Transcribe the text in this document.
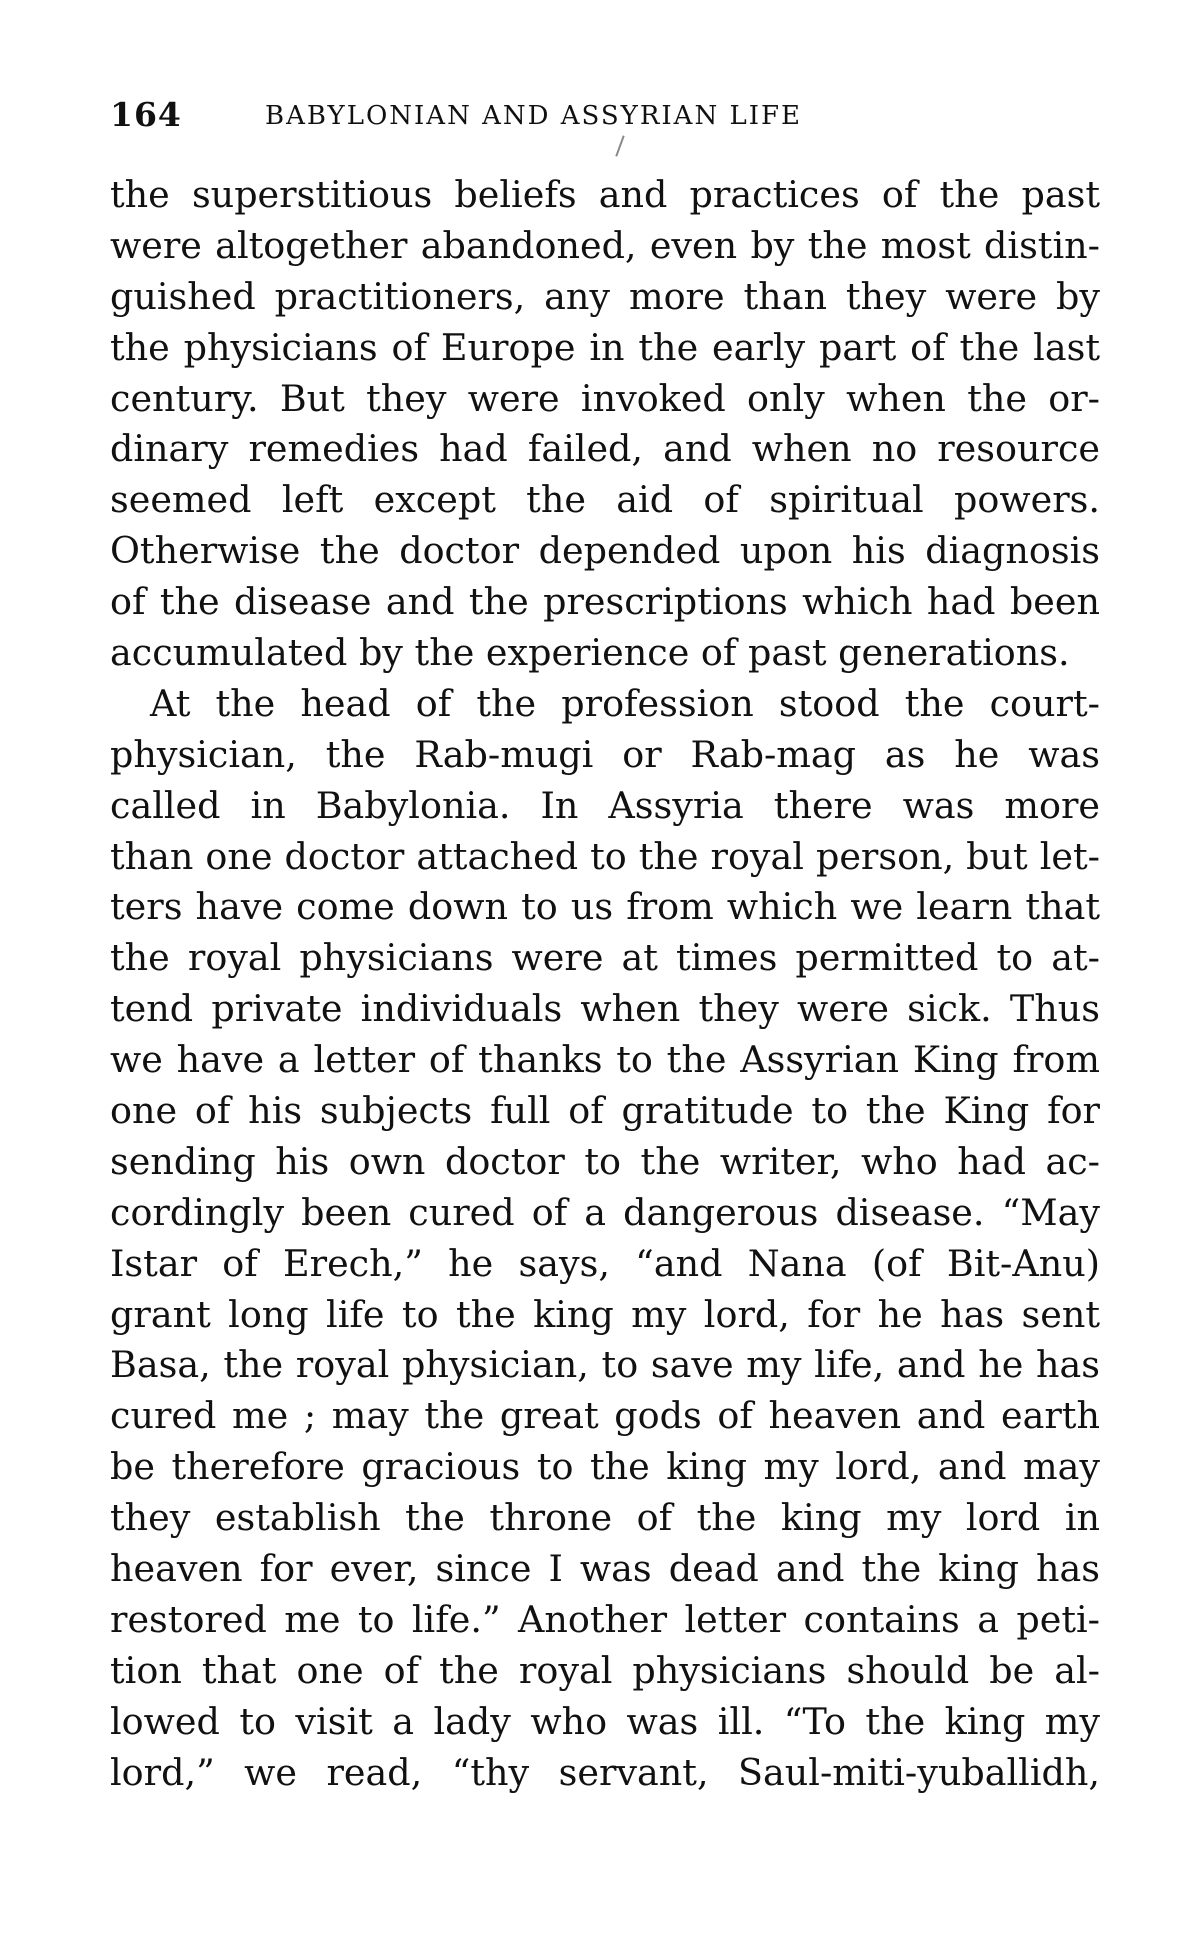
164	BABYLONIAN AND ASSYRIAN LIFE
the superstitious beliefs and practices of the past
were altogether abandoned, even by the most distin-
guished practitioners, any more than they were by
the physicians of Europe in the early part of the last
century. But they were invoked only when the or-
dinary remedies had failed, and when no resource
seemed left except the aid of spiritual powers.
Otherwise the doctor depended upon his diagnosis
of the disease and the prescriptions which had been
accumulated by the experience of past generations.
At the head of the profession stood the court-
physician, the Rab-mugi or Rab-mag as he was
called in Babylonia. In Assyria there was more
than one doctor attached to the royal person, but let-
ters have come down to us from which we learn that
the royal physicians were at times permitted to at-
tend private individuals when they were sick. Thus
we have a letter of thanks to the Assyrian King from
one of his subjects full of gratitude to the King for
sending his own doctor to the writer, who had ac-
cordingly been cured of a dangerous disease. “May
Istar of Erech,” he says, “and Nana (of Bit-Anu)
grant long life to the king my lord, for he has sent
Basa, the royal physician, to save my life, and he has
cured me ; may the great gods of heaven and earth
be therefore gracious to the king my lord, and may
they establish the throne of the king my lord in
heaven for ever, since I was dead and the king has
restored me to life.” Another letter contains a peti-
tion that one of the royal physicians should be al-
lowed to visit a lady who was ill. “To the king my
lord,” we read, “thy servant, Saul-miti-yuballidh,
